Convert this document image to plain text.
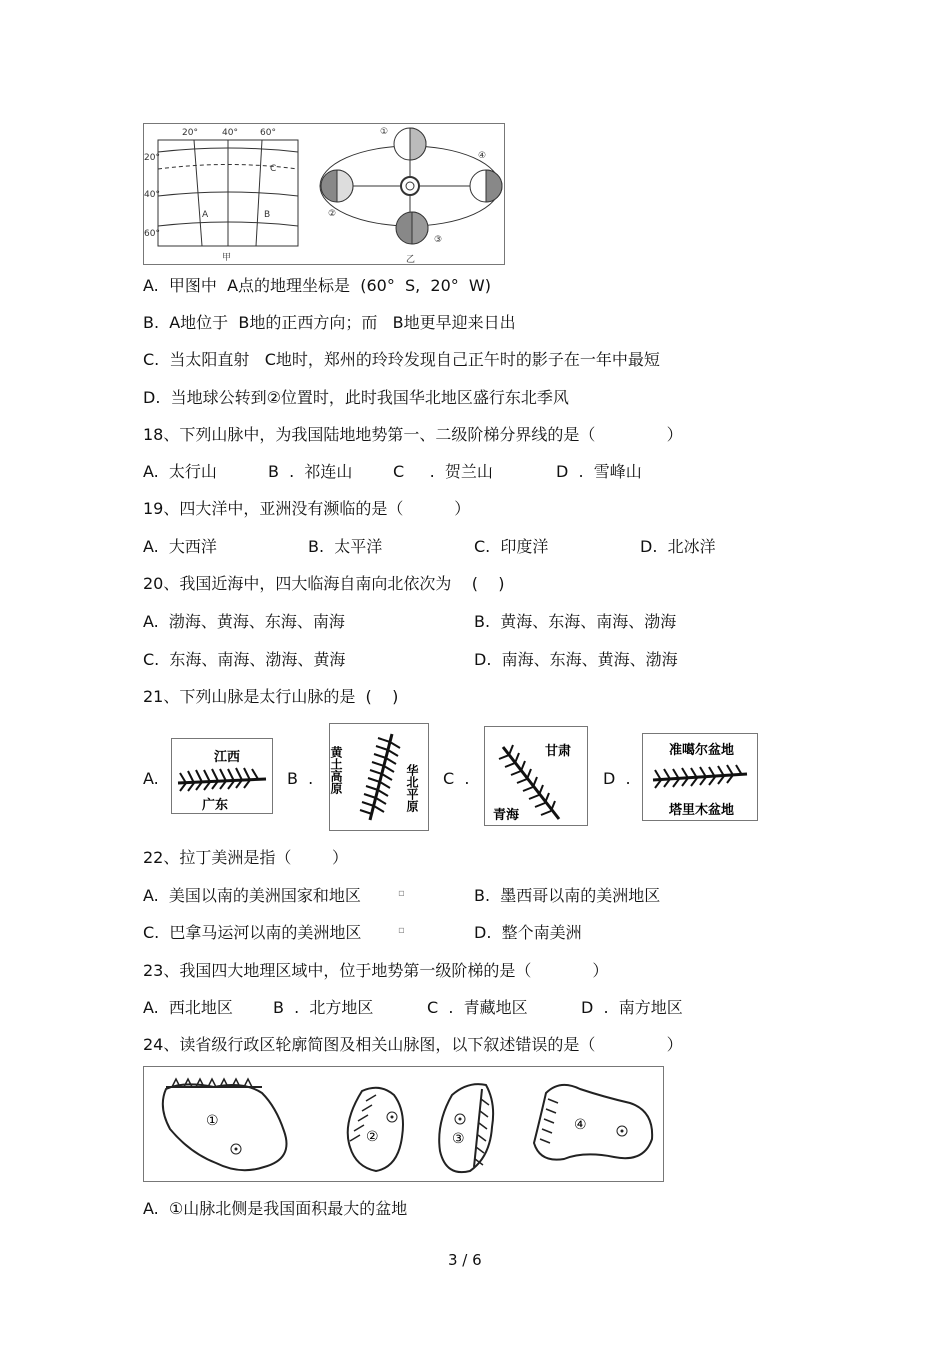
20°	40° 60°
20°
40°
60°
A	B
C
甲
①
②
③
④
乙
A.  甲图中  A点的地理坐标是  (60°  S,  20°  W)
B.  A地位于  B地的正西方向；而   B地更早迎来日出
C.  当太阳直射   C地时，郑州的玲玲发现自己正午时的影子在一年中最短
D.  当地球公转到②位置时，此时我国华北地区盛行东北季风
18、下列山脉中，为我国陆地地势第一、二级阶梯分界线的是（              ）
A.  太行山	B  .  祁连山	C     .  贺兰山	D  .  雪峰山
19、四大洋中，亚洲没有濒临的是（          ）
A.  大西洋	B.  太平洋	C.  印度洋	D.  北冰洋
20、我国近海中，四大临海自南向北依次为    (    )
A.  渤海、黄海、东海、南海	B.  黄海、东海、南海、渤海
C.  东海、南海、渤海、黄海	D.  南海、东海、黄海、渤海
21、下列山脉是太行山脉的是  (    )
A.
江西
广东
B  . 黄土高原	华北平原 C  .
甘肃
青海
D  .
准噶尔盆地
塔里木盆地
22、拉丁美洲是指（        ）
A.  美国以南的美洲国家和地区	▫	B.  墨西哥以南的美洲地区
C.  巴拿马运河以南的美洲地区	▫	D.  整个南美洲
23、我国四大地理区域中，位于地势第一级阶梯的是（            ）
A.  西北地区	B  .  北方地区	C  .  青藏地区	D  .  南方地区
24、读省级行政区轮廓简图及相关山脉图，以下叙述错误的是（              ）
①
②	③
④
A.  ①山脉北侧是我国面积最大的盆地
3 / 6
